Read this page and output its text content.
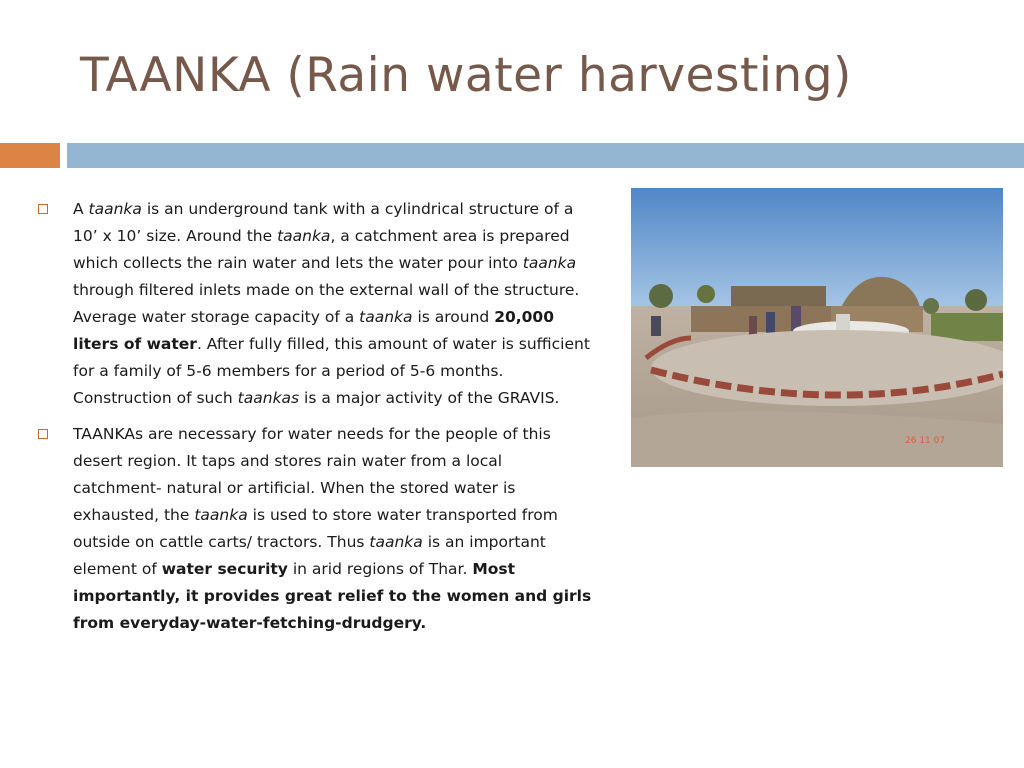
TAANKA (Rain water harvesting)
A taanka is an underground tank with a cylindrical structure of a 10’ x 10’ size. Around the taanka, a catchment area is prepared which collects the rain water and lets the water pour into taanka through filtered inlets made on the external wall of the structure. Average water storage capacity of a taanka is around 20,000 liters of water. After fully filled, this amount of water is sufficient for a family of 5-6 members for a period of 5-6 months. Construction of such taankas is a major activity of the GRAVIS.
TAANKAs are necessary for water needs for the people of this desert region. It taps and stores rain water from a local catchment- natural or artificial. When the stored water is exhausted, the taanka is used to store water transported from outside on cattle carts/ tractors. Thus taanka is an important element of water security in arid regions of Thar. Most importantly, it provides great relief to the women and girls from everyday-water-fetching-drudgery.
26 11 07
